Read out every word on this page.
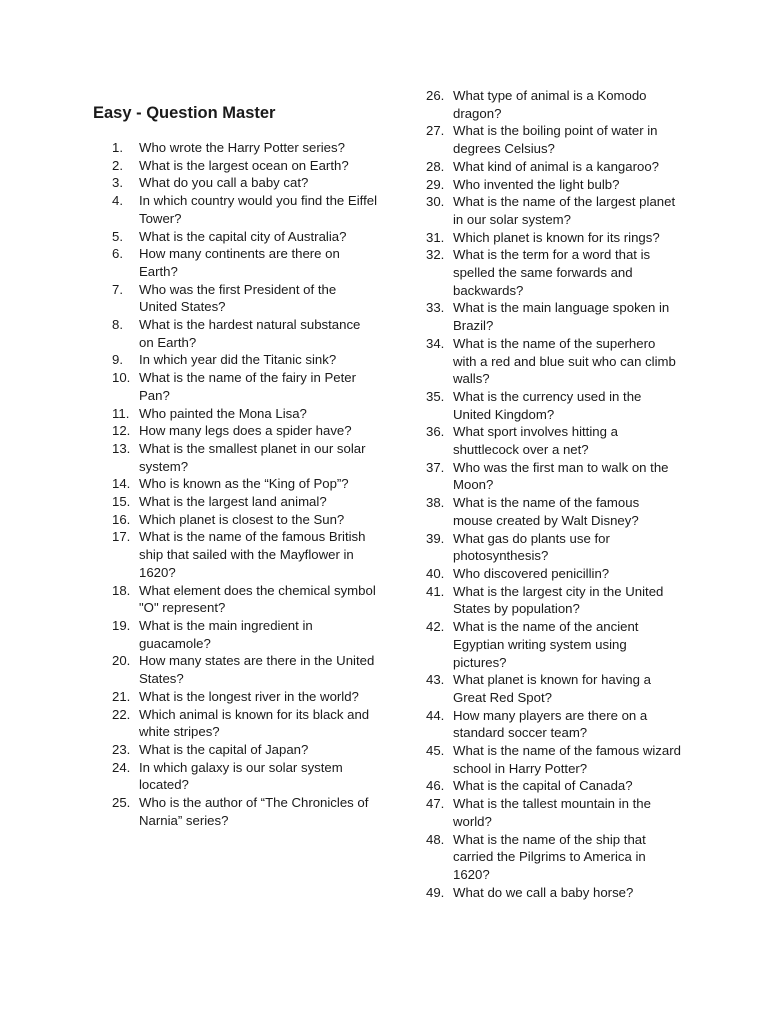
Easy - Question Master
1.	Who wrote the Harry Potter series?
2.	What is the largest ocean on Earth?
3.	What do you call a baby cat?
4.	In which country would you find the Eiffel Tower?
5.	What is the capital city of Australia?
6.	How many continents are there on Earth?
7.	Who was the first President of the United States?
8.	What is the hardest natural substance on Earth?
9.	In which year did the Titanic sink?
10. What is the name of the fairy in Peter Pan?
11. Who painted the Mona Lisa?
12. How many legs does a spider have?
13. What is the smallest planet in our solar system?
14. Who is known as the “King of Pop”?
15. What is the largest land animal?
16. Which planet is closest to the Sun?
17. What is the name of the famous British ship that sailed with the Mayflower in 1620?
18. What element does the chemical symbol "O" represent?
19. What is the main ingredient in guacamole?
20. How many states are there in the United States?
21. What is the longest river in the world?
22. Which animal is known for its black and white stripes?
23. What is the capital of Japan?
24. In which galaxy is our solar system located?
25. Who is the author of “The Chronicles of Narnia” series?
26. What type of animal is a Komodo dragon?
27. What is the boiling point of water in degrees Celsius?
28. What kind of animal is a kangaroo?
29. Who invented the light bulb?
30. What is the name of the largest planet in our solar system?
31. Which planet is known for its rings?
32. What is the term for a word that is spelled the same forwards and backwards?
33. What is the main language spoken in Brazil?
34. What is the name of the superhero with a red and blue suit who can climb walls?
35. What is the currency used in the United Kingdom?
36. What sport involves hitting a shuttlecock over a net?
37. Who was the first man to walk on the Moon?
38. What is the name of the famous mouse created by Walt Disney?
39. What gas do plants use for photosynthesis?
40. Who discovered penicillin?
41. What is the largest city in the United States by population?
42. What is the name of the ancient Egyptian writing system using pictures?
43. What planet is known for having a Great Red Spot?
44. How many players are there on a standard soccer team?
45. What is the name of the famous wizard school in Harry Potter?
46. What is the capital of Canada?
47. What is the tallest mountain in the world?
48. What is the name of the ship that carried the Pilgrims to America in 1620?
49. What do we call a baby horse?
